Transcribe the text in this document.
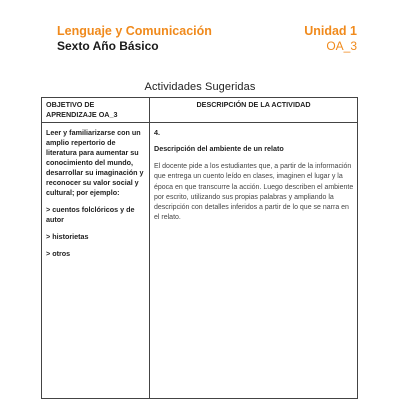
Lenguaje y Comunicación
Sexto Año Básico
Unidad 1
OA_3
Actividades Sugeridas
OBJETIVO DE APRENDIZAJE OA_3
DESCRIPCIÓN DE LA ACTIVIDAD

Leer y familiarizarse con un amplio repertorio de literatura para aumentar su conocimiento del mundo, desarrollar su imaginación y reconocer su valor social y cultural; por ejemplo:

> cuentos folclóricos y de autor
> historietas
> otros
4.
Descripción del ambiente de un relato
El docente pide a los estudiantes que, a partir de la información que entrega un cuento leído en clases, imaginen el lugar y la época en que transcurre la acción. Luego describen el ambiente por escrito, utilizando sus propias palabras y ampliando la descripción con detalles inferidos a partir de lo que se narra en el relato.
